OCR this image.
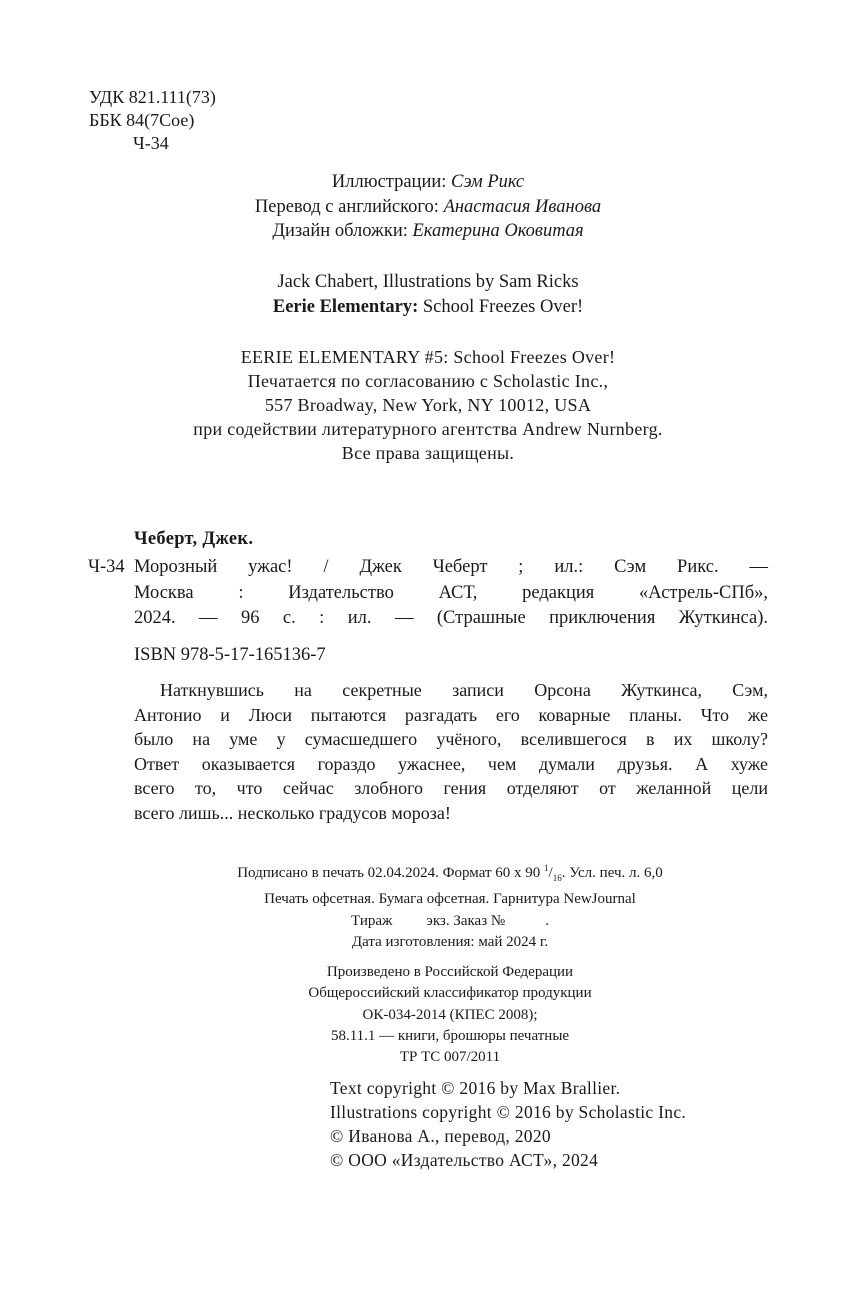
УДК 821.111(73)
ББК 84(7Сое)
Ч-34
Иллюстрации: Сэм Рикс
Перевод с английского: Анастасия Иванова
Дизайн обложки: Екатерина Оковитая
Jack Chabert, Illustrations by Sam Ricks
Eerie Elementary: School Freezes Over!
EERIE ELEMENTARY #5: School Freezes Over!
Печатается по согласованию с Scholastic Inc.,
557 Broadway, New York, NY 10012, USA
при содействии литературного агентства Andrew Nurnberg.
Все права защищены.
Чеберт, Джек.
Ч-34 Морозный ужас! / Джек Чеберт ; ил.: Сэм Рикс. —
Москва : Издательство АСТ, редакция «Астрель-СПб»,
2024. — 96 с. : ил. — (Страшные приключения Жуткинса).
ISBN 978-5-17-165136-7
Наткнувшись на секретные записи Орсона Жуткинса, Сэм,
Антонио и Люси пытаются разгадать его коварные планы. Что же
было на уме у сумасшедшего учёного, вселившегося в их школу?
Ответ оказывается гораздо ужаснее, чем думали друзья. А хуже
всего то, что сейчас злобного гения отделяют от желанной цели
всего лишь... несколько градусов мороза!
Подписано в печать 02.04.2024. Формат 60 x 90 $^1/_{16}$. Усл. печ. л. 6,0
Печать офсетная. Бумага офсетная. Гарнитура NewJournal
Тираж экз. Заказ №	.
Дата изготовления: май 2024 г.
Произведено в Российской Федерации
Общероссийский классификатор продукции
ОК-034-2014 (КПЕС 2008);
58.11.1 — книги, брошюры печатные
ТР ТС 007/2011
Text copyright © 2016 by Max Brallier.
Illustrations copyright © 2016 by Scholastic Inc.
© Иванова А., перевод, 2020
© ООО «Издательство АСТ», 2024
